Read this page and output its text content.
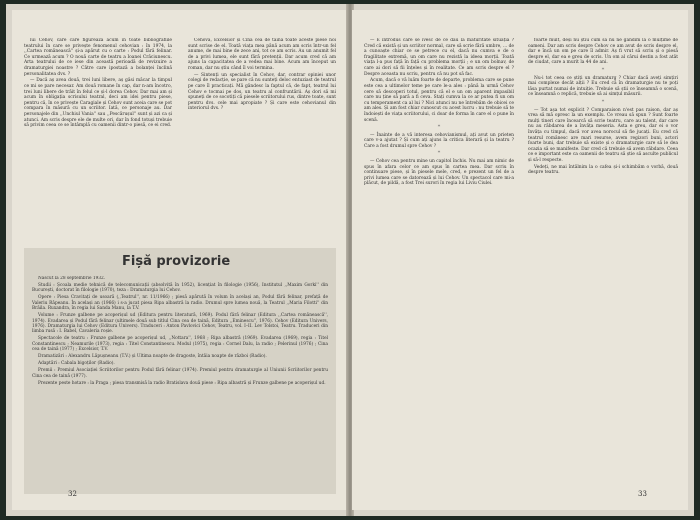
lui Cehov, care care figurează acum în toate bibliografiile teatrului în care se privește fenomenul cehovian : în 1974, la ,,Cartea românească'' și-a apărut cu o carte : Podul fără felinar. Ce urmează acum ? O nouă carte de teatru a Ioanei Crăciunescu. Arta teatrului de ce iese din această perioadă de revizuire a dramaturgiei noastre ? Câtre care ipostază a bolanței înclină personalitatea dvs. ?

— Dacă aș avea două, trei luni libere, aș găsi măcar la timpul ce mi se pare necesar. Am două romane în cap, dar n-am încotro, trei luni libere de trăit în felul ce și-l dorea Cehov. Dar mai am și acum în obligația scrisului teatral, deci am idei pentru piese, pentru că, în ce privește Caragiale și Cehov sunt aceia care se pot compara în măsură cu un scriitor. Iată, ce personaje au. Dar personajele din ,,Unchiul Vania'' sau ,,Pescărușul'' sunt și azi ca și atunci. Am scris despre ele de multe ori, dar în fond totuși trebuie să privim ceea ce se întâmplă cu oamenii dintr-o piesă, ce ei cred.

Cehova, Excelsior și Cina cea de taină toate aceste piese noi sunt scrise de el. Toată viața mea până acum am scris într-un fel anume, de mai bine de zece ani, tot ce am scris. Au un anumit fel de a privi lumea, ele sunt fără pretenții. Dar acum cred că am ajuns la capacitatea de a vedea mai bine. Acum am început un roman, dar nu știu când îl voi termina.

— Sintenți un specialist în Cehov, dar, contrar opiniei unor colegi de redacție, se pare că nu sunteți deloc entuziast de teatrul pe care îl practicați. Mă gândesc la faptul că, de fapt, teatrul lui Cehov e tocmai pe dos, un teatru al confruntării. Aș dori să mi spuneți de ce socotiți că piesele scriitorului rus, dintre toate, sunt pentru dvs. cele mai apropiate ? Și care este cehovianul din interiorul dvs. ?

Fișă provizorie

Născut la 28 septembrie 1932.

Studii : Școala medie tehnică de telecomunicații (absolvită în 1952), licențiat în filologie (1956), Institutul ,,Maxim Gorki'' din București, doctorat în filologie (1970), teza : Dramaturgia lui Cehov.

Opere : Piesa Cravitați de usoară (,,Teatrul'', nr. 11/1966) ; piesă apărută în volum în același an, Podul fără felinar, prefață de Valeriu Râpeanu. În același an (1966) i s-a jucat piesa Ripa albastră la radio. Drumul spre lumea nouă, la Teatrul ,,Maria Filotti'' din Brăila. Ruxandra, în regia lui Sanda Manu, la T.V.

Volume : Frunze galbene pe acoperișul ud (Editura pentru literatură, 1969). Podul fără felinar (Editura ,,Cartea românească'', 1974). Evadarea și Podul fără felinar (ultimele două sub titlul Cina cea de taină, Editura ,,Eminescu'', 1976). Cehov (Editura Univers, 1976). Dramaturgia lui Cehov (Editura Univers). Traduceri : Anton Pavlovici Cehov, Teatru, vol. I–II. Lev Tolstoi, Teatru. Traduceri din limba rusă : I. Babel, Cavaleria roșie.

Spectacole de teatru : Frunze galbene pe acoperișul ud, ,,Nottara'', 1968 ; Ripa albastră (1969). Evadarea (1969), regia : Titel Constantinescu ; Neamurile (1973), regia : Titel Constantinescu. Modul (1975), regia : Cornel Dalu, la radio ; Pelerinul (1976) ; Cina cea de taină (1977) ; Excelsior, T.V.

Dramatizări : Alexandru Lăpușneanu (T.V.) și Ultima noapte de dragoste, întâia noapte de război (Radio).

Adaptări : Cabala bigoților (Radio).

Premii : Premiul Asociației Scriitorilor pentru Podul fără felinar (1974). Premiul pentru dramaturgie al Uniunii Scriitorilor pentru Cina cea de taină (1977).

Prezente peste hotare : la Praga ; piesa transmisă la radio Bratislava două piese : Ripa albastră și Frunze galbene pe acoperișul ud.

32

— E introdus care se ivesc de ce dau la maturitate situația ? Cred că există și un scriitor normal, care să scrie fără umbre, ... de a cunoaște chiar ce se petrece cu el, dacă nu cumva e de o fragilitate extremă, un om care nu rezistă la ideea morții. Toată viața l-a pus față în față cu problema morții ; e un om bolnav, de care ai dori să fii înțeles și în realitate. Ce am scris despre el ? Despre aceasta nu scriu, pentru că nu pot să fac.

Acum, dacă o vă luăm foarte de departe, problema care se pune este cea a ultimelor teme pe care le-a ales : până la urmă Cehov cere să descoperi totul, pentru că el e un om aparent impasibil care nu ține să pară a fi ceva. Stați cumva la ce ar putea fi un om cu temperament ca al lui ? Nici atunci nu ne întrebăm de obicei ce am ales. Și am fost chiar cunoscut cu acest lucru : nu trebuie să te îndoiești de viața scriitorului, ci doar de forma în care el o pune în scenă.

*

— Înainte de a vă interesa cehovianismul, ați avut un prieten care v-a ajutat ? Și cum ați ajuns la critica literară și la teatru ? Care a fost drumul spre Cehov ?

*

— Cehov cea pentru mine un capitol închis. Nu mai am nimic de spus în afara celor ce am spus în cartea mea. Dar scriu în continuare piese, și în piesele mele, cred, e prezent un fel de a privi lumea care se datorează și lui Cehov. Un spectacol care mi-a plăcut, de pildă, a fost Trei surori în regia lui Liviu Ciulei.

foarte mult, deși nu știu cum să nu ne gândim la o mulțime de oameni. Dar am scris despre Cehov ce am avut de scris despre el, dar e încă un om pe care îl admir. Aș fi vrut să scriu și o piesă despre el, dar ea e greu de scris. Un om al cărui destin a fost atât de ciudat, care a murit la 44 de ani.

*

Nu-i tot ceea ce știți un dramaturg ? Chiar dacă aveți simțiri mai complexe decât alții ? Eu cred că în dramaturgie nu te poți lăsa purtat numai de intuiție. Trebuie să știi ce înseamnă o scenă, ce înseamnă o replică, trebuie să ai simțul măsurii.

*

— Tot așa tot explicit ? Comparaison n'est pas raison, dar aș vrea să mă opresc la un exemplu. Ce vreau să spun ? Sunt foarte mulți tineri care încearcă să scrie teatru, care au talent, dar care nu au răbdarea de a învăța meseria. Asta e greu, dar ei o vor învăța cu timpul, dacă vor avea norocul să fie jucați. Eu cred că teatrul românesc are mari resurse, avem regizori buni, actori foarte buni, dar trebuie să existe și o dramaturgie care să le dea ocazia să se manifeste. Dar cred că trebuie să avem răbdare. Ceea ce e important este ca oamenii de teatru să știe să asculte publicul și să-l respecte.

Vedeți, ne mai întâlnim la o cafea și-i schimbăm o vorbă, două despre teatru.

33
